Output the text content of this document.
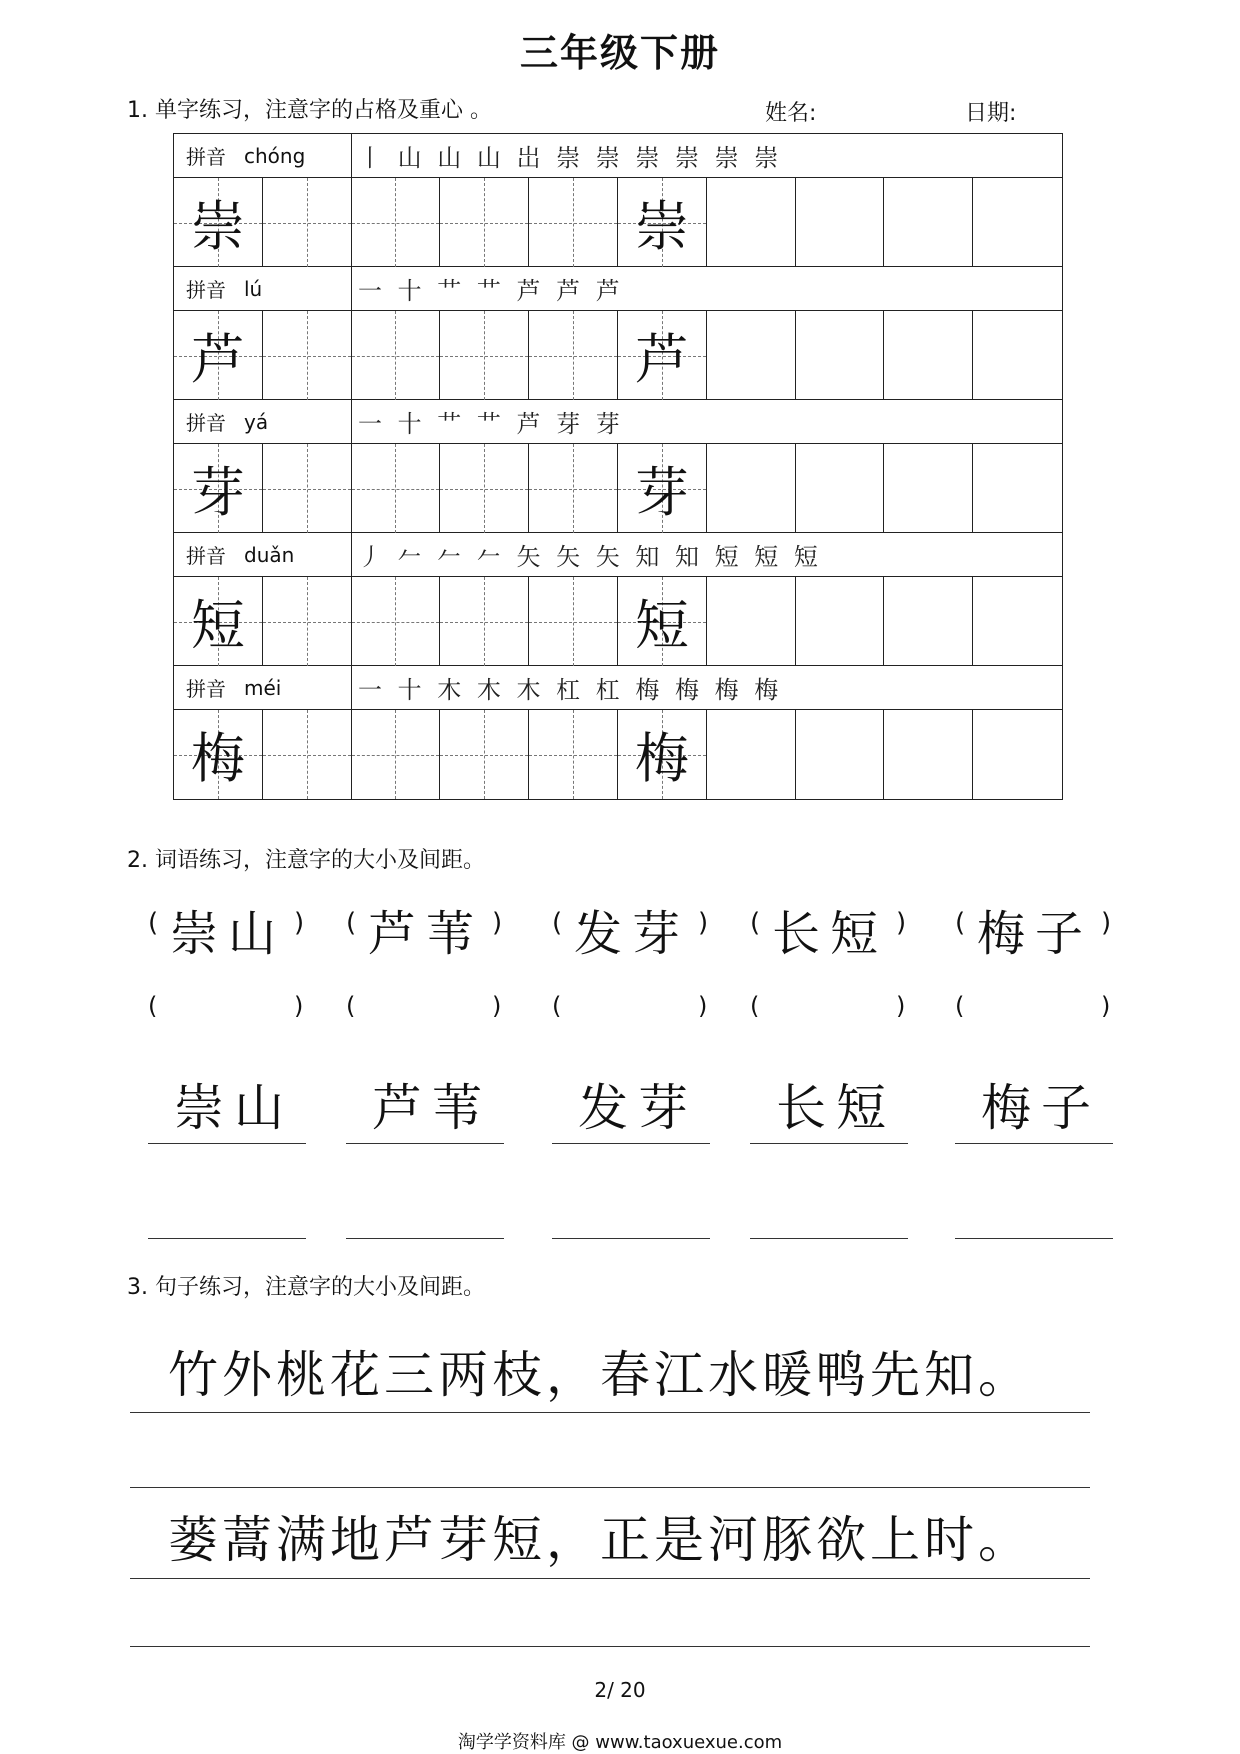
三年级下册
1. 单字练习，注意字的占格及重心 。	姓名:	日期:
拼音 chóng 丨 山 山 山 岀 崇 崇 崇 崇 崇 崇
崇	崇
拼音 lú	一 十 艹 艹 芦 芦 芦
芦	芦
拼音 yá	一 十 艹 艹 芦 芽 芽
芽	芽
拼音 duǎn	丿 𠂉 𠂉 𠂉 矢 矢 矢 知 知 短 短 短
短	短
拼音 méi	一 十 木 木 木 杠 杠 梅 梅 梅 梅
梅	梅
2. 词语练习，注意字的大小及间距。
( 崇山 )
(	)
崇山
( 芦苇 )
(	)
芦苇
( 发芽 )
(	)
发芽
( 长短 )
(	)
长短
( 梅子 )
(	)
梅子
3. 句子练习，注意字的大小及间距。
竹外桃花三两枝，春江水暖鸭先知。
蒌蒿满地芦芽短，正是河豚欲上时。
2/ 20
淘学学资料库 @ www.taoxuexue.com
